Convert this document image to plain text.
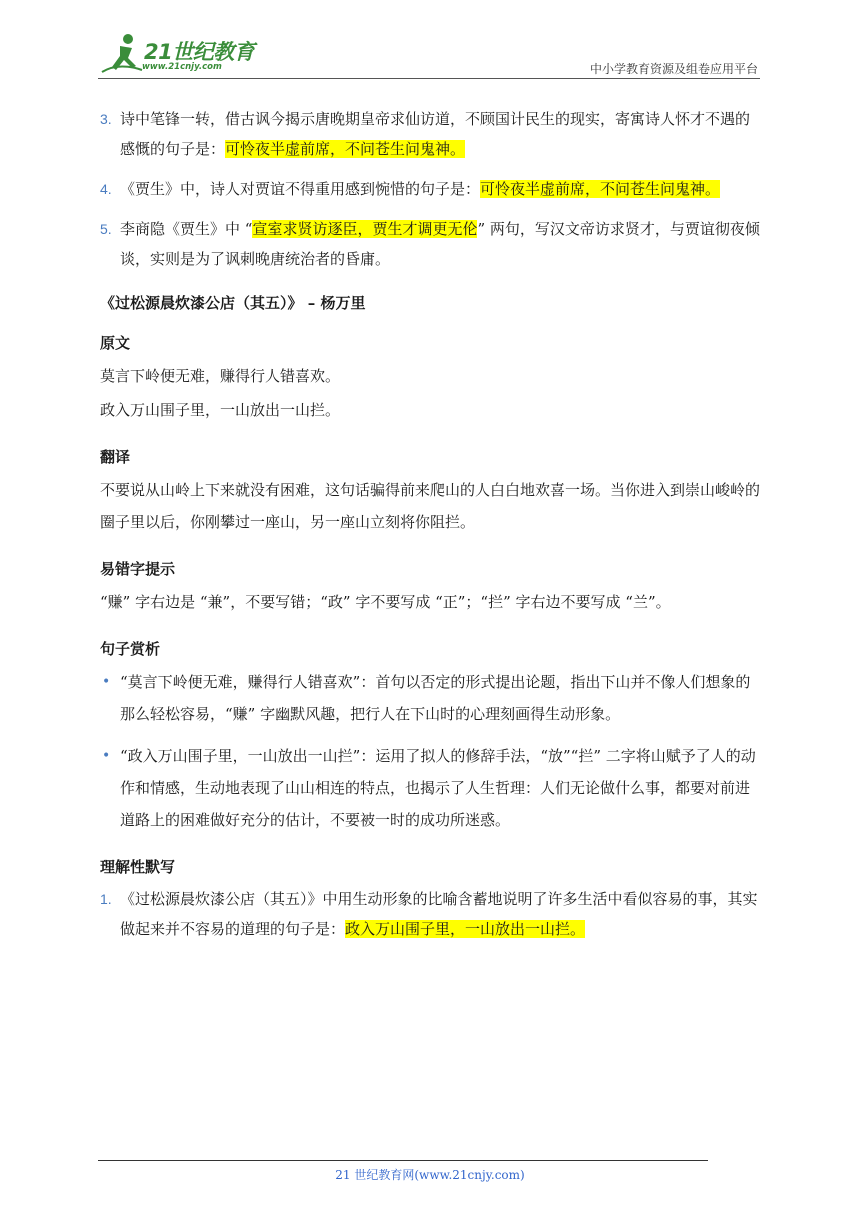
21世纪教育
www.21cnjy.com	中小学教育资源及组卷应用平台
3. 诗中笔锋一转，借古讽今揭示唐晚期皇帝求仙访道，不顾国计民生的现实，寄寓诗人怀才不遇的感慨的句子是：可怜夜半虚前席，不问苍生问鬼神。
4. 《贾生》中，诗人对贾谊不得重用感到惋惜的句子是：可怜夜半虚前席，不问苍生问鬼神。
5. 李商隐《贾生》中 “宣室求贤访逐臣，贾生才调更无伦” 两句，写汉文帝访求贤才，与贾谊彻夜倾谈，实则是为了讽刺晚唐统治者的昏庸。
《过松源晨炊漆公店（其五）》 – 杨万里
原文
莫言下岭便无难，赚得行人错喜欢。
政入万山围子里，一山放出一山拦。
翻译
不要说从山岭上下来就没有困难，这句话骗得前来爬山的人白白地欢喜一场。当你进入到崇山峻岭的圈子里以后，你刚攀过一座山，另一座山立刻将你阻拦。
易错字提示
“赚” 字右边是 “兼”，不要写错；“政” 字不要写成 “正”；“拦” 字右边不要写成 “兰”。
句子赏析
• “莫言下岭便无难，赚得行人错喜欢”：首句以否定的形式提出论题，指出下山并不像人们想象的那么轻松容易，“赚” 字幽默风趣，把行人在下山时的心理刻画得生动形象。
• “政入万山围子里，一山放出一山拦”：运用了拟人的修辞手法，“放”“拦” 二字将山赋予了人的动作和情感，生动地表现了山山相连的特点，也揭示了人生哲理：人们无论做什么事，都要对前进道路上的困难做好充分的估计，不要被一时的成功所迷惑。
理解性默写
1. 《过松源晨炊漆公店（其五）》中用生动形象的比喻含蓄地说明了许多生活中看似容易的事，其实做起来并不容易的道理的句子是：政入万山围子里，一山放出一山拦。
21 世纪教育网(www.21cnjy.com)
